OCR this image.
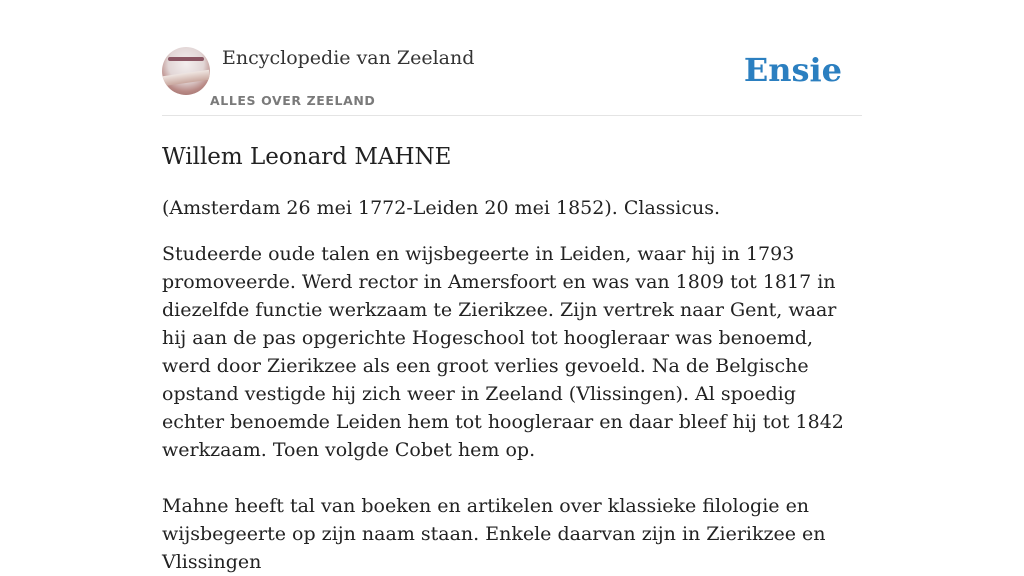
Encyclopedie van Zeeland
ALLES OVER ZEELAND
Ensie
Willem Leonard MAHNE
(Amsterdam 26 mei 1772-Leiden 20 mei 1852). Classicus.

Studeerde oude talen en wijsbegeerte in Leiden, waar hij in 1793 promoveerde. Werd rector in Amersfoort en was van 1809 tot 1817 in diezelfde functie werkzaam te Zierikzee. Zijn vertrek naar Gent, waar hij aan de pas opgerichte Hogeschool tot hoogleraar was benoemd, werd door Zierikzee als een groot verlies gevoeld. Na de Belgische opstand vestigde hij zich weer in Zeeland (Vlissingen). Al spoedig echter benoemde Leiden hem tot hoogleraar en daar bleef hij tot 1842 werkzaam. Toen volgde Cobet hem op.

Mahne heeft tal van boeken en artikelen over klassieke filologie en wijsbegeerte op zijn naam staan. Enkele daarvan zijn in Zierikzee en Vlissingen
